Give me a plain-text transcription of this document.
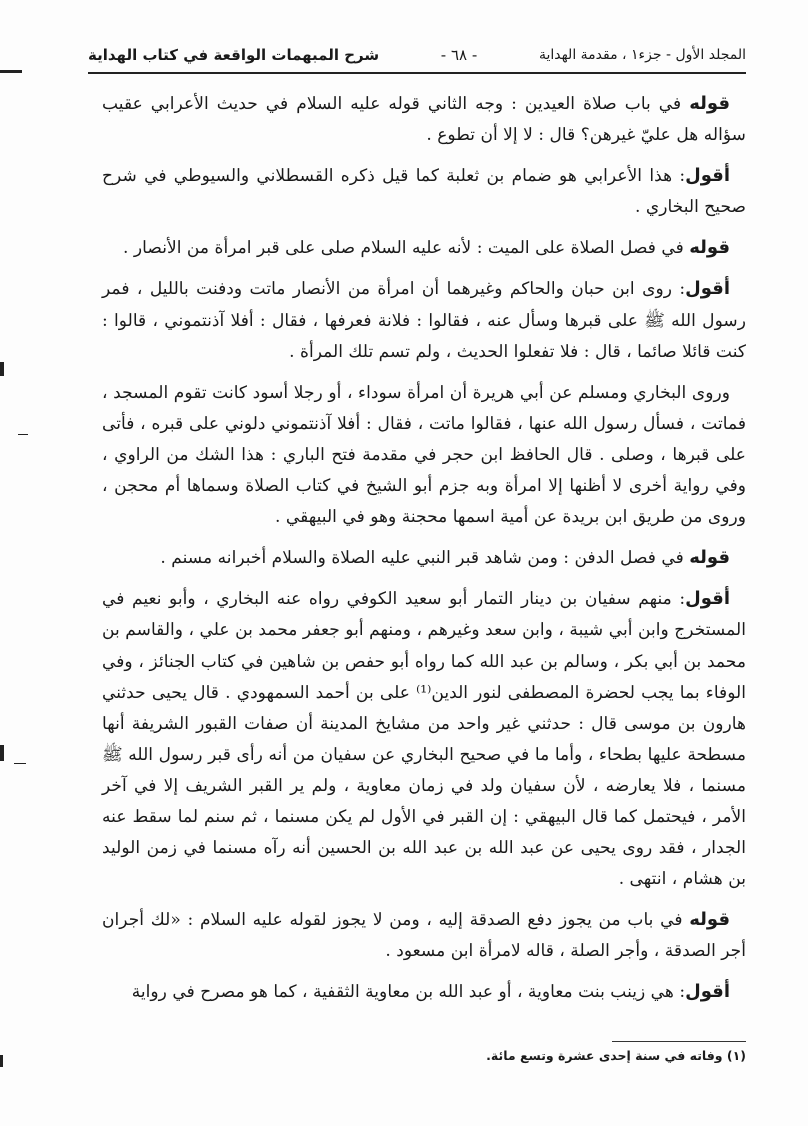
المجلد الأول - جزء١ ، مقدمة الهداية
- ٦٨ -
شرح المبهمات الواقعة في كتاب الهداية

قوله في باب صلاة العيدين : وجه الثاني قوله عليه السلام في حديث الأعرابي عقيب سؤاله هل عليّ غيرهن؟ قال : لا إلا أن تطوع .

أقول: هذا الأعرابي هو ضمام بن ثعلبة كما قيل ذكره القسطلاني والسيوطي في شرح صحيح البخاري .

قوله في فصل الصلاة على الميت : لأنه عليه السلام صلى على قبر امرأة من الأنصار .

أقول: روى ابن حبان والحاكم وغيرهما أن امرأة من الأنصار ماتت ودفنت بالليل ، فمر رسول الله ﷺ على قبرها وسأل عنه ، فقالوا : فلانة فعرفها ، فقال : أفلا آذنتموني ، قالوا : كنت قائلا صائما ، قال : فلا تفعلوا الحديث ، ولم تسم تلك المرأة .

وروى البخاري ومسلم عن أبي هريرة أن امرأة سوداء ، أو رجلا أسود كانت تقوم المسجد ، فماتت ، فسأل رسول الله عنها ، فقالوا ماتت ، فقال : أفلا آذنتموني دلوني على قبره ، فأتى على قبرها ، وصلى . قال الحافظ ابن حجر في مقدمة فتح الباري : هذا الشك من الراوي ، وفي رواية أخرى لا أظنها إلا امرأة وبه جزم أبو الشيخ في كتاب الصلاة وسماها أم محجن ، وروى من طريق ابن بريدة عن أمية اسمها محجنة وهو في البيهقي .

قوله في فصل الدفن : ومن شاهد قبر النبي عليه الصلاة والسلام أخبرانه مسنم .

أقول: منهم سفيان بن دينار التمار أبو سعيد الكوفي رواه عنه البخاري ، وأبو نعيم في المستخرج وابن أبي شيبة ، وابن سعد وغيرهم ، ومنهم أبو جعفر محمد بن علي ، والقاسم بن محمد بن أبي بكر ، وسالم بن عبد الله كما رواه أبو حفص بن شاهين في كتاب الجنائز ، وفي الوفاء بما يجب لحضرة المصطفى لنور الدين⁽¹⁾ على بن أحمد السمهودي . قال يحيى حدثني هارون بن موسى قال : حدثني غير واحد من مشايخ المدينة أن صفات القبور الشريفة أنها مسطحة عليها بطحاء ، وأما ما في صحيح البخاري عن سفيان من أنه رأى قبر رسول الله ﷺ مسنما ، فلا يعارضه ، لأن سفيان ولد في زمان معاوية ، ولم ير القبر الشريف إلا في آخر الأمر ، فيحتمل كما قال البيهقي : إن القبر في الأول لم يكن مسنما ، ثم سنم لما سقط عنه الجدار ، فقد روى يحيى عن عبد الله بن عبد الله بن الحسين أنه رآه مسنما في زمن الوليد بن هشام ، انتهى .

قوله في باب من يجوز دفع الصدقة إليه ، ومن لا يجوز لقوله عليه السلام : «لك أجران أجر الصدقة ، وأجر الصلة ، قاله لامرأة ابن مسعود .

أقول: هي زينب بنت معاوية ، أو عبد الله بن معاوية الثقفية ، كما هو مصرح في رواية

(١) وفاته في سنة إحدى عشرة وتسع مائة.
